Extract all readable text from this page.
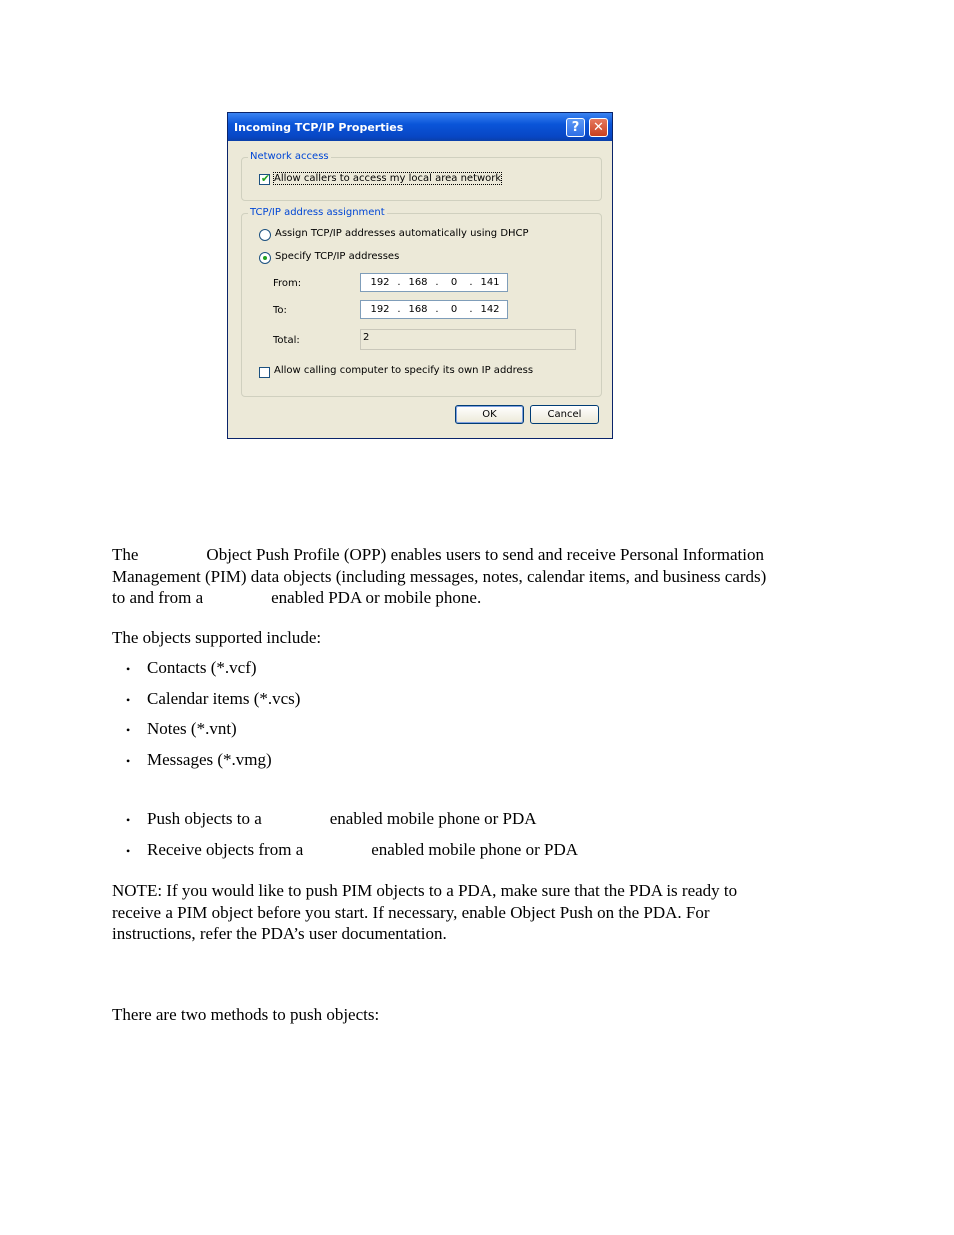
Incoming TCP/IP Properties	?	✕
Network access
✔ Allow callers to access my local area network
TCP/IP address assignment
Assign TCP/IP addresses automatically using DHCP
Specify TCP/IP addresses
From:	192 . 168 .	0	. 141
To:	192 . 168 .	0	. 142
Total:	2
Allow calling computer to specify its own IP address
OK	Cancel
The                Object Push Profile (OPP) enables users to send and receive Personal Information
Management (PIM) data objects (including messages, notes, calendar items, and business cards)
to and from a                enabled PDA or mobile phone.
The objects supported include:
• Contacts (*.vcf)
• Calendar items (*.vcs)
• Notes (*.vnt)
• Messages (*.vmg)
• Push objects to a                enabled mobile phone or PDA
• Receive objects from a                enabled mobile phone or PDA
NOTE: If you would like to push PIM objects to a PDA, make sure that the PDA is ready to
receive a PIM object before you start. If necessary, enable Object Push on the PDA. For
instructions, refer the PDA’s user documentation.
There are two methods to push objects:
